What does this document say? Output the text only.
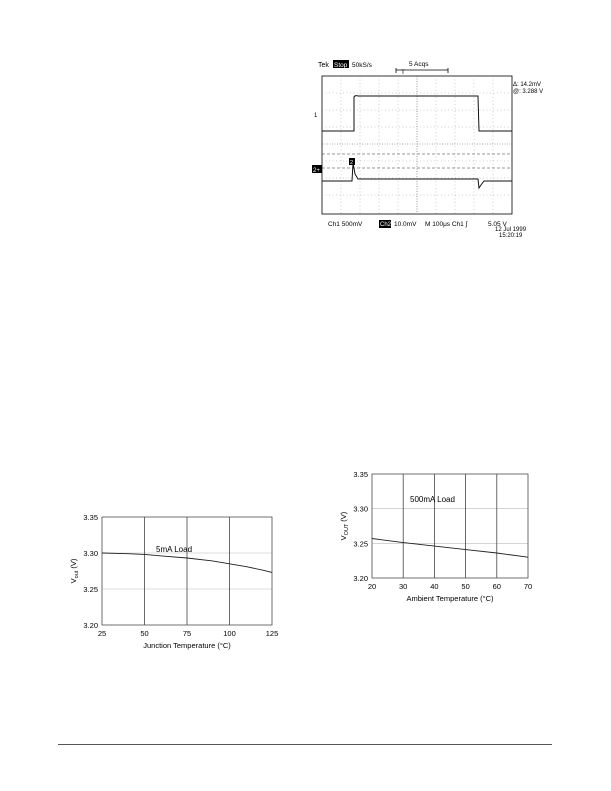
Tek Stop 50kS/s	5 Acqs
T
1
2+
2
Δ: 14.2mV
@: 3.288 V
Ch1 500mV	Ch2 10.0mV M 100μs Ch1 ∫	5.05 V
12 Jul 1999
15:20:19
3.20
3.25
3.30
3.35
25	50	75	100	125
5mA Load
Junction Temperature (°C)
$V_{out}(V)$
3.20
3.25
3.30
3.35
20	30	40	50	60	70
500mA Load
Ambient Temperature (°C)
$V_{OUT}(V)$
